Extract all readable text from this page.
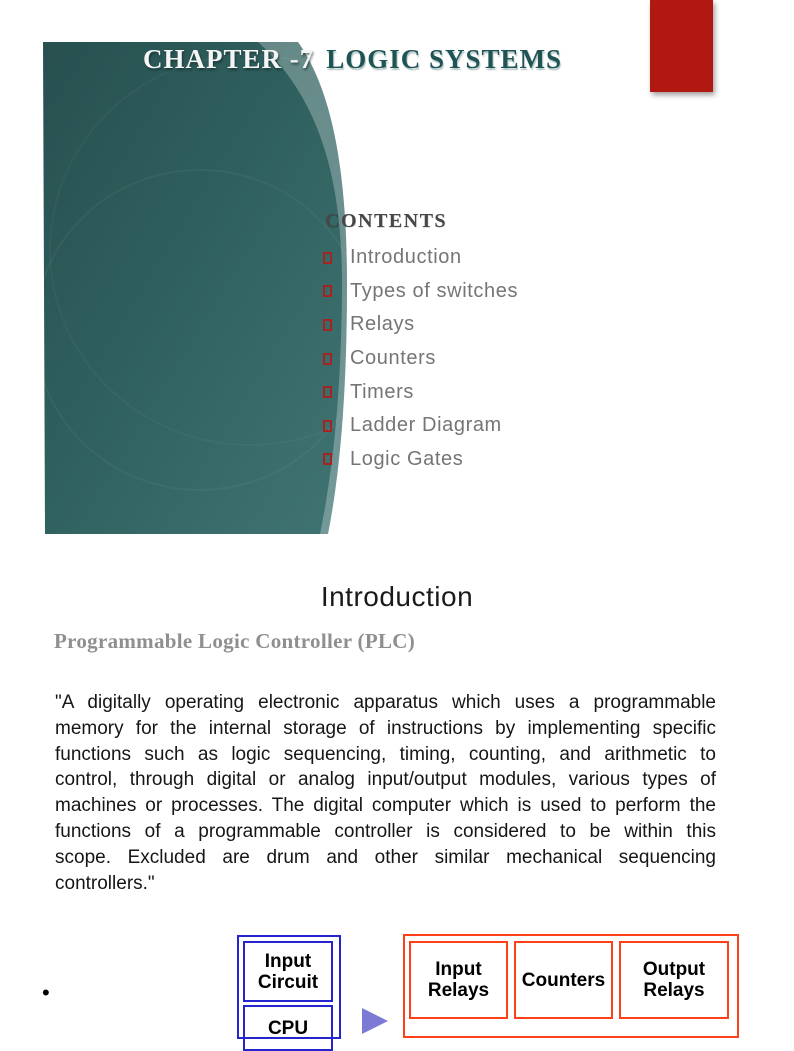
CHAPTER -7 LOGIC SYSTEMS
CONTENTS
Introduction
Types of switches
Relays
Counters
Timers
Ladder Diagram
Logic Gates
Introduction
Programmable Logic Controller (PLC)
"A digitally operating electronic apparatus which uses a programmable
memory for the internal storage of instructions by implementing specific
functions such as logic sequencing, timing, counting, and arithmetic to
control, through digital or analog input/output modules, various types of
machines or processes. The digital computer which is used to perform the
functions of a programmable controller is considered to be within this
scope. Excluded are drum and other similar mechanical sequencing
controllers."
•
Input Circuit
CPU
Input Relays	Counters	Output Relays
